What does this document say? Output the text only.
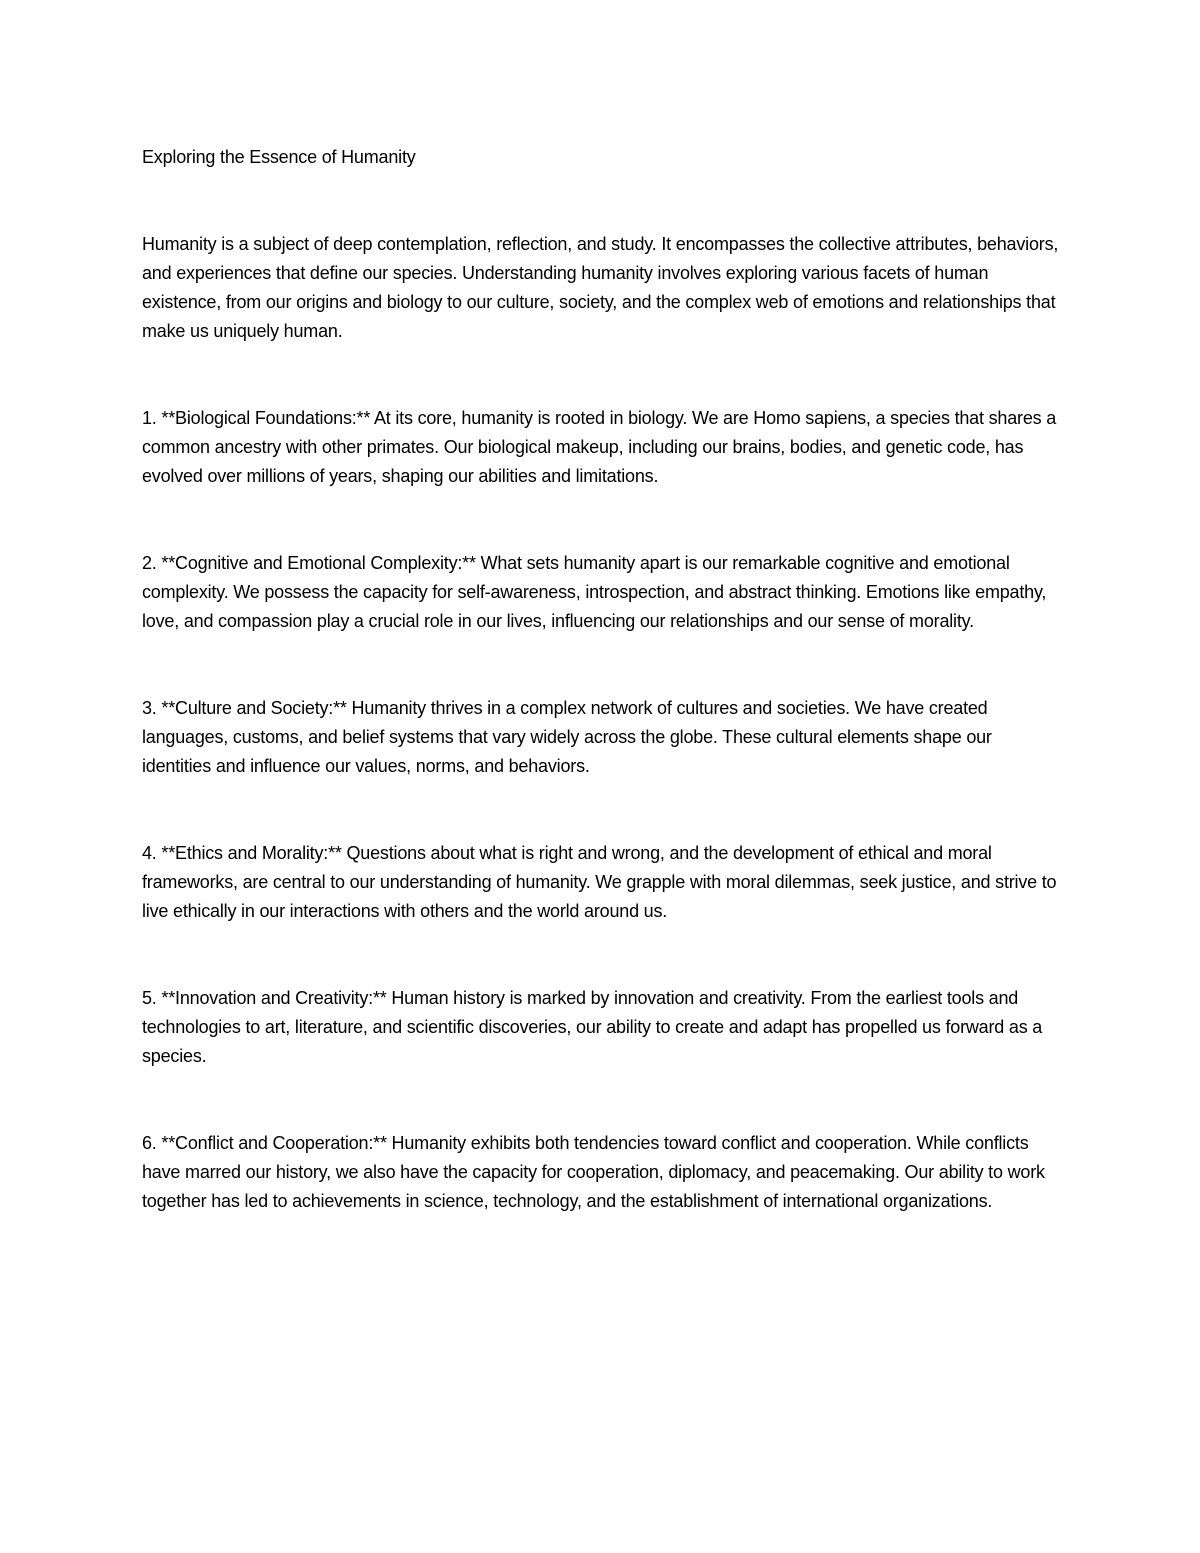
Exploring the Essence of Humanity

Humanity is a subject of deep contemplation, reflection, and study. It encompasses the collective attributes, behaviors, and experiences that define our species. Understanding humanity involves exploring various facets of human existence, from our origins and biology to our culture, society, and the complex web of emotions and relationships that make us uniquely human.

1. **Biological Foundations:** At its core, humanity is rooted in biology. We are Homo sapiens, a species that shares a common ancestry with other primates. Our biological makeup, including our brains, bodies, and genetic code, has evolved over millions of years, shaping our abilities and limitations.

2. **Cognitive and Emotional Complexity:** What sets humanity apart is our remarkable cognitive and emotional complexity. We possess the capacity for self-awareness, introspection, and abstract thinking. Emotions like empathy, love, and compassion play a crucial role in our lives, influencing our relationships and our sense of morality.

3. **Culture and Society:** Humanity thrives in a complex network of cultures and societies. We have created languages, customs, and belief systems that vary widely across the globe. These cultural elements shape our identities and influence our values, norms, and behaviors.

4. **Ethics and Morality:** Questions about what is right and wrong, and the development of ethical and moral frameworks, are central to our understanding of humanity. We grapple with moral dilemmas, seek justice, and strive to live ethically in our interactions with others and the world around us.

5. **Innovation and Creativity:** Human history is marked by innovation and creativity. From the earliest tools and technologies to art, literature, and scientific discoveries, our ability to create and adapt has propelled us forward as a species.

6. **Conflict and Cooperation:** Humanity exhibits both tendencies toward conflict and cooperation. While conflicts have marred our history, we also have the capacity for cooperation, diplomacy, and peacemaking. Our ability to work together has led to achievements in science, technology, and the establishment of international organizations.
